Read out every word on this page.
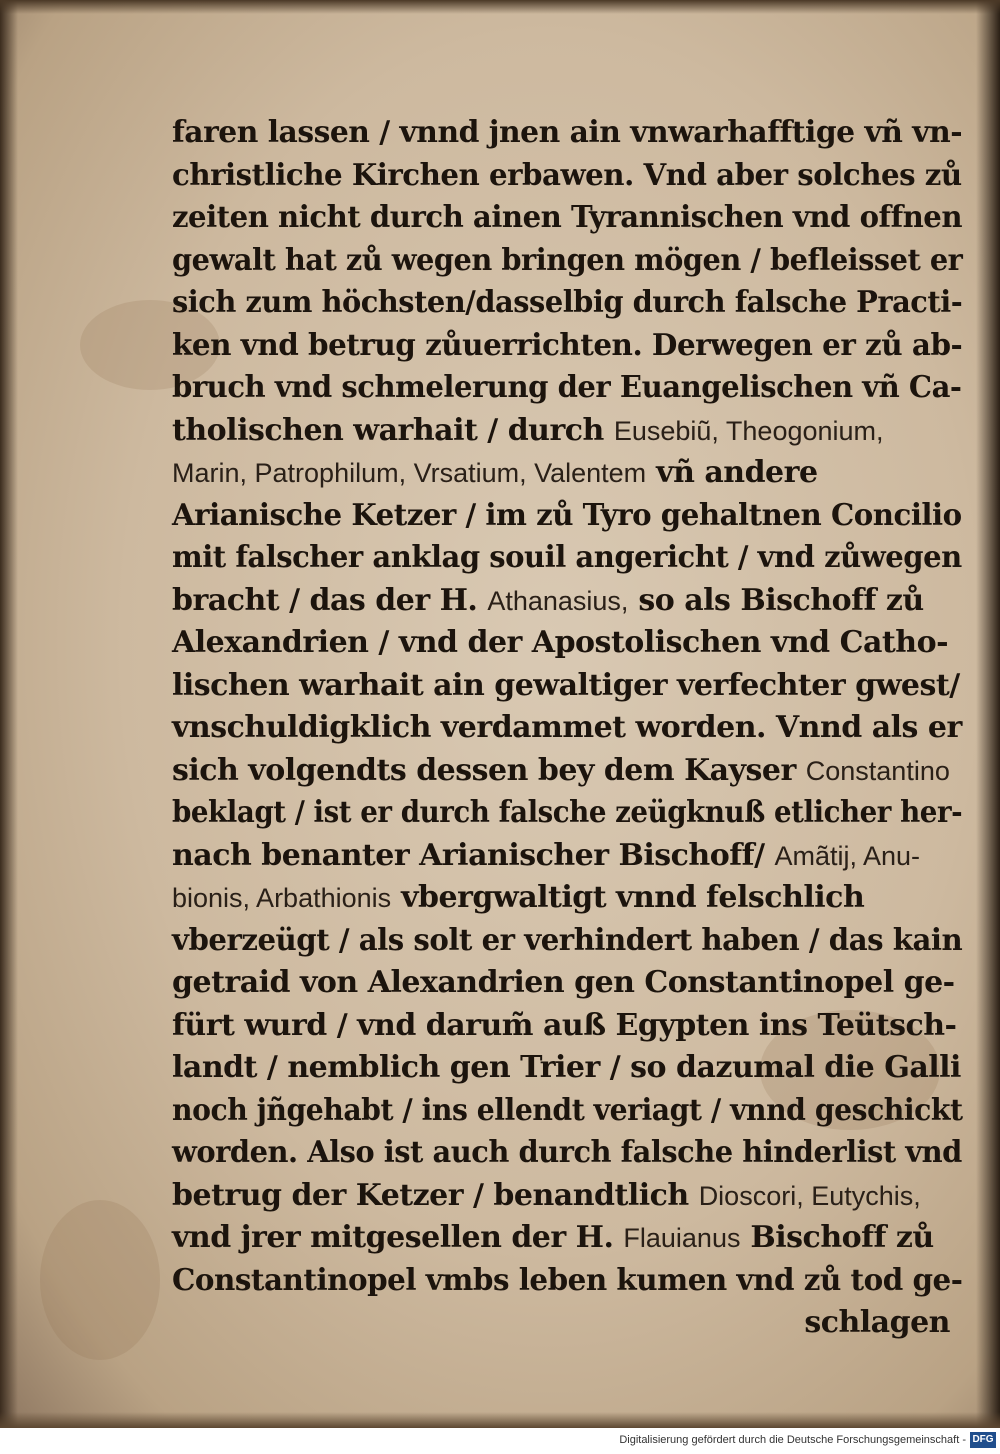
faren lassen / vnnd jnen ain vnwarhafftige vñ vn-
christliche Kirchen erbawen. Vnd aber solches zů
zeiten nicht durch ainen Tyrannischen vnd offnen
gewalt hat zů wegen bringen mögen / befleisset er
sich zum höchsten/dasselbig durch falsche Practi-
ken vnd betrug zůuerrichten. Derwegen er zů ab-
bruch vnd schmelerung der Euangelischen vñ Ca-
tholischen warhait / durch Eusebiũ, Theogonium,
Marin, Patrophilum, Vrsatium, Valentem vñ andere
Arianische Ketzer / im zů Tyro gehaltnen Concilio
mit falscher anklag souil angericht / vnd zůwegen
bracht / das der H. Athanasius, so als Bischoff zů
Alexandrien / vnd der Apostolischen vnd Catho-
lischen warhait ain gewaltiger verfechter gwest/
vnschuldigklich verdammet worden. Vnnd als er
sich volgendts dessen bey dem Kayser Constantino
beklagt / ist er durch falsche zeügknuß etlicher her-
nach benanter Arianischer Bischoff/ Amãtij, Anu-
bionis, Arbathionis vbergwaltigt vnnd felschlich
vberzeügt / als solt er verhindert haben / das kain
getraid von Alexandrien gen Constantinopel ge-
fürt wurd / vnd darum̃ auß Egypten ins Teütsch-
landt / nemblich gen Trier / so dazumal die Galli
noch jñgehabt / ins ellendt veriagt / vnnd geschickt
worden. Also ist auch durch falsche hinderlist vnd
betrug der Ketzer / benandtlich Dioscori, Eutychis,
vnd jrer mitgesellen der H. Flauianus Bischoff zů
Constantinopel vmbs leben kumen vnd zů tod ge-
schlagen
Digitalisierung gefördert durch die Deutsche Forschungsgemeinschaft - DFG
